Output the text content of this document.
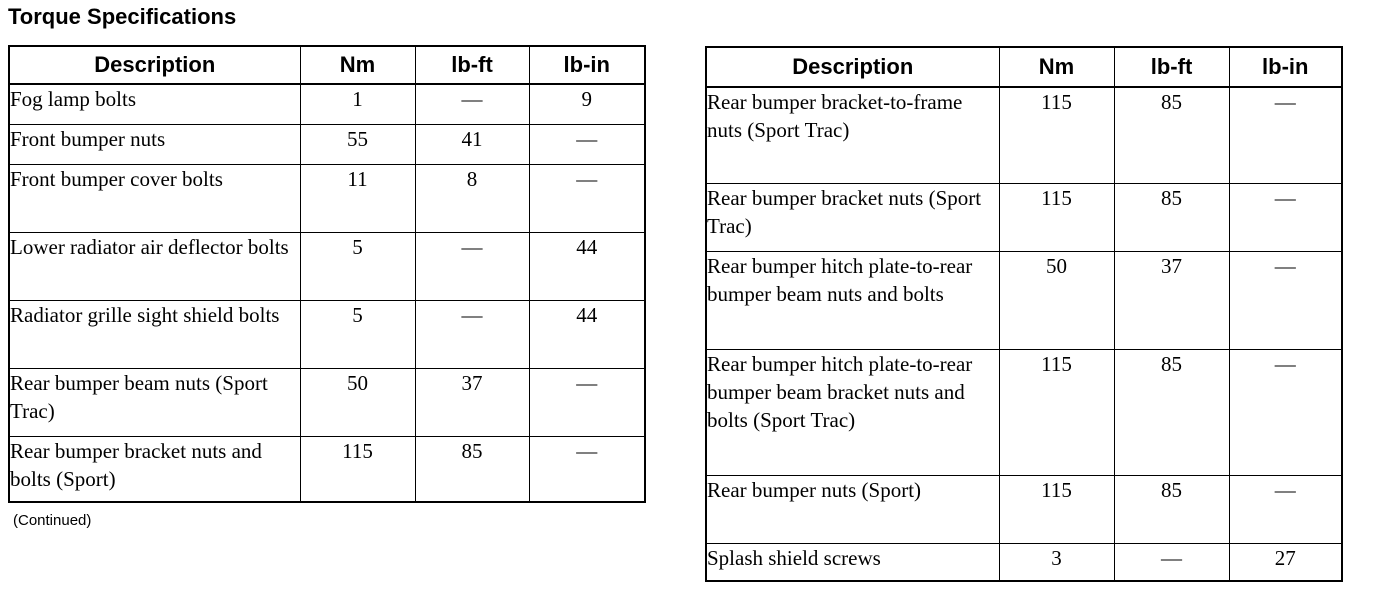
Torque Specifications
Description	Nm	lb-ft	lb-in
Fog lamp bolts	1	—	9
Front bumper nuts	55	41	—
Front bumper cover bolts	11	8	—
Lower radiator air deflector bolts	5	—	44
Radiator grille sight shield bolts	5	—	44
Rear bumper beam nuts (Sport Trac)	50	37	—
Rear bumper bracket nuts and bolts (Sport)	115	85	—
(Continued)
Description	Nm	lb-ft	lb-in
Rear bumper bracket-to-frame nuts (Sport Trac)	115	85	—
Rear bumper bracket nuts (Sport Trac)	115	85	—
Rear bumper hitch plate-to-rear bumper beam nuts and bolts	50	37	—
Rear bumper hitch plate-to-rear bumper beam bracket nuts and bolts (Sport Trac)	115	85	—
Rear bumper nuts (Sport)	115	85	—
Splash shield screws	3	—	27
